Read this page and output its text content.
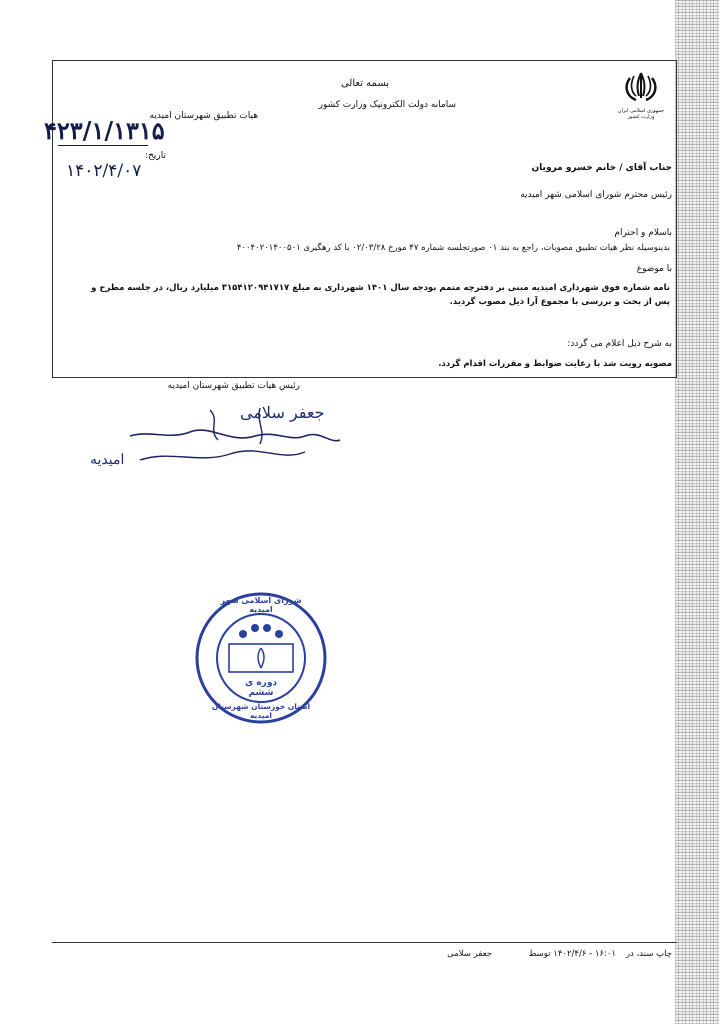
جمهوری اسلامی ایران وزارت کشور
بسمه تعالی
سامانه دولت الکترونیک وزارت کشور
هیات تطبیق شهرستان امیدیه
۴۲۳/۱/۱۳۱۵
تاریخ:
۱۴۰۲/۴/۰۷	جناب آقای / خانم خسرو مرویان
رئیس محترم شورای اسلامی شهر امیدیه
باسلام و احترام
بدینوسیله نظر هیات تطبیق مصوبات، راجع به بند ۰۱ صورتجلسه شماره ۴۷ مورخ ۰۲/۰۳/۲۸ با کد رهگیری ۴۰۰۴۰۲۰۱۴۰۰۵۰۱
با موضوع
نامه شماره فوق شهرداری امیدیه مبنی بر دفترچه متمم بودجه سال ۱۴۰۱ شهرداری به مبلغ ۳۱۵۴۱۲۰۹۴۱۷۱۷ میلیارد ریال، در جلسه مطرح و
پس از بحث و بررسی با مجموع آرا ذیل مصوب گردید.
به شرح ذیل اعلام می گردد:
مصوبه رویت شد با رعایت ضوابط و مقررات اقدام گردد.
رئیس هیات تطبیق شهرستان امیدیه
جعفر سلامی
امیدیه
شورای اسلامی شهر امیدیه
دوره ی ششم
استان خوزستان شهرستان امیدیه
چاپ سند، در
۱۶:۰۱ - ۱۴۰۲/۴/۶ توسط
جعفر سلامی
